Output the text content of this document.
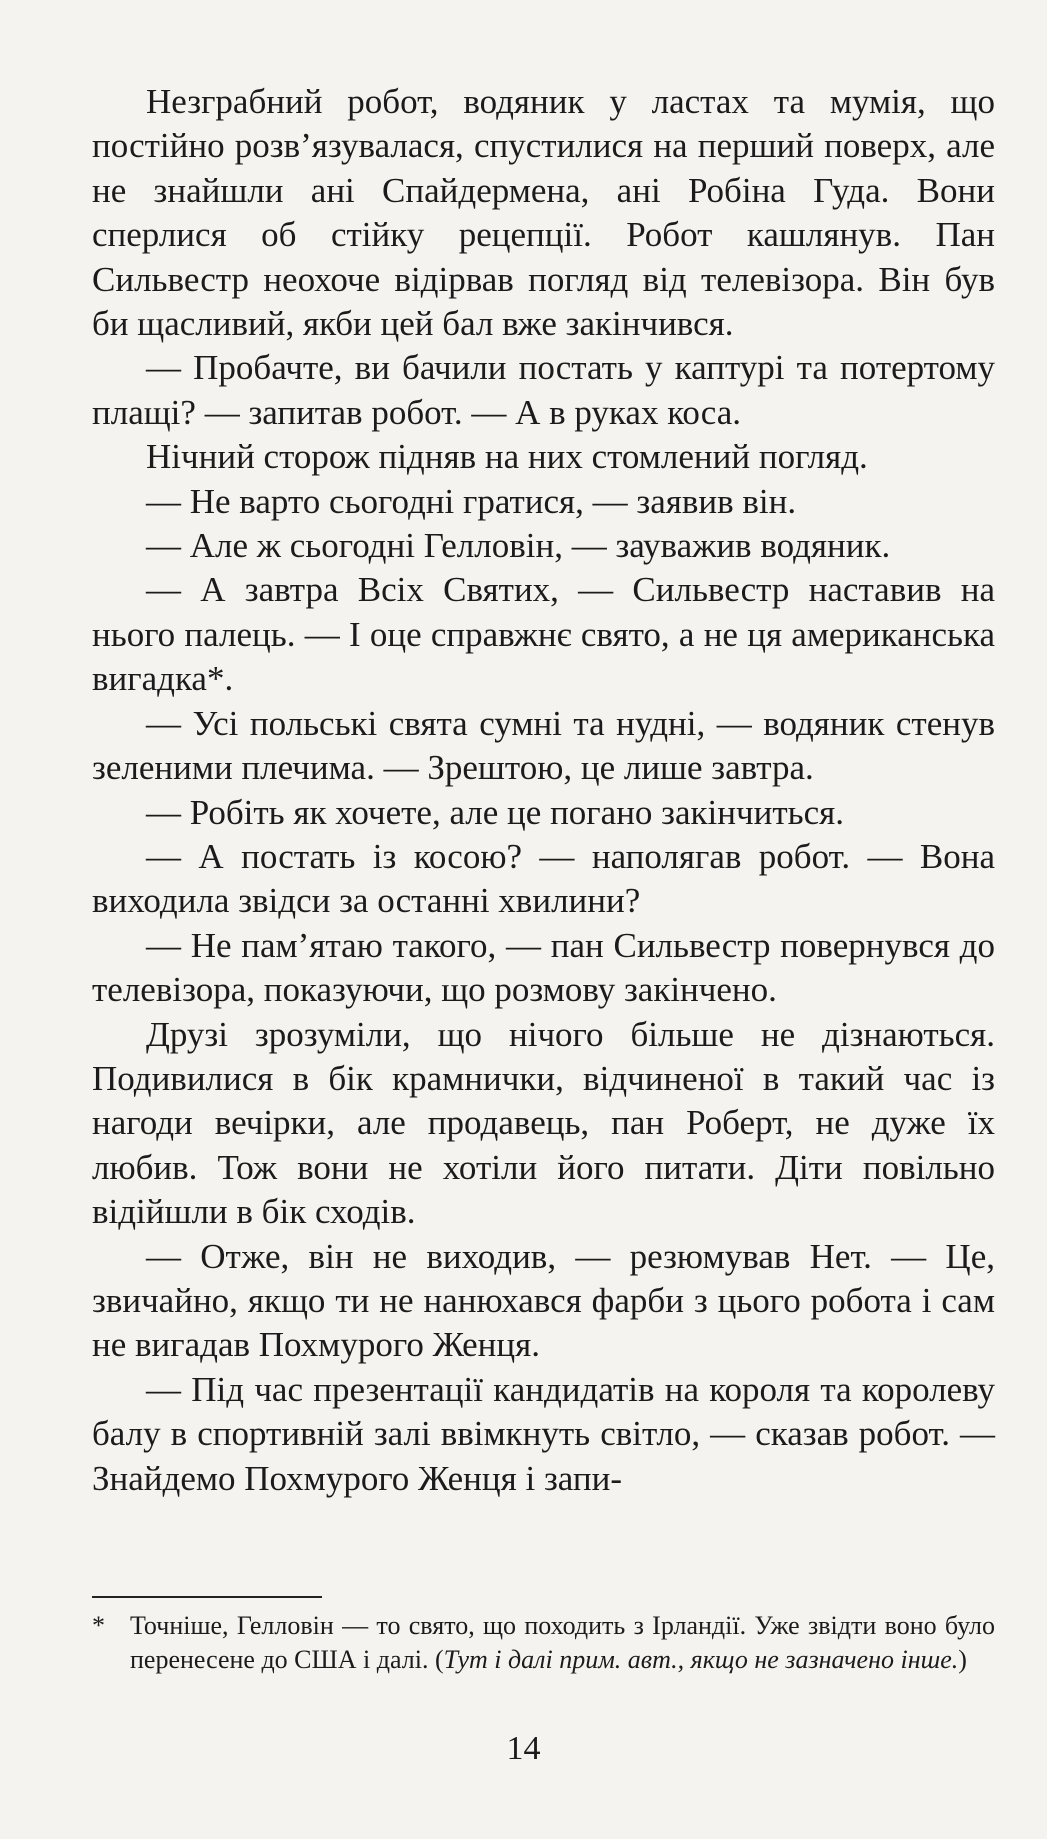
Незграбний робот, водяник у ластах та мумія, що постійно розв’язувалася, спустилися на перший поверх, але не знайшли ані Спайдермена, ані Робіна Гуда. Вони сперлися об стійку рецепції. Робот кашлянув. Пан Сильвестр неохоче відірвав погляд від телевізора. Він був би щасливий, якби цей бал вже закінчився.

— Пробачте, ви бачили постать у каптурі та потертому плащі? — запитав робот. — А в руках коса.

Нічний сторож підняв на них стомлений погляд.

— Не варто сьогодні гратися, — заявив він.

— Але ж сьогодні Гелловін, — зауважив водяник.

— А завтра Всіх Святих, — Сильвестр наставив на нього палець. — І оце справжнє свято, а не ця американська вигадка*.

— Усі польські свята сумні та нудні, — водяник стенув зеленими плечима. — Зрештою, це лише завтра.

— Робіть як хочете, але це погано закінчиться.

— А постать із косою? — наполягав робот. — Вона виходила звідси за останні хвилини?

— Не пам’ятаю такого, — пан Сильвестр повернувся до телевізора, показуючи, що розмову закінчено.

Друзі зрозуміли, що нічого більше не дізнаються. Подивилися в бік крамнички, відчиненої в такий час із нагоди вечірки, але продавець, пан Роберт, не дуже їх любив. Тож вони не хотіли його питати. Діти повільно відійшли в бік сходів.

— Отже, він не виходив, — резюмував Нет. — Це, звичайно, якщо ти не нанюхався фарби з цього робота і сам не вигадав Похмурого Женця.

— Під час презентації кандидатів на короля та королеву балу в спортивній залі ввімкнуть світло, — сказав робот. — Знайдемо Похмурого Женця і запи-

* Точніше, Гелловін — то свято, що походить з Ірландії. Уже звідти воно було перенесене до США і далі. (Тут і далі прим. авт., якщо не зазначено інше.)

14
